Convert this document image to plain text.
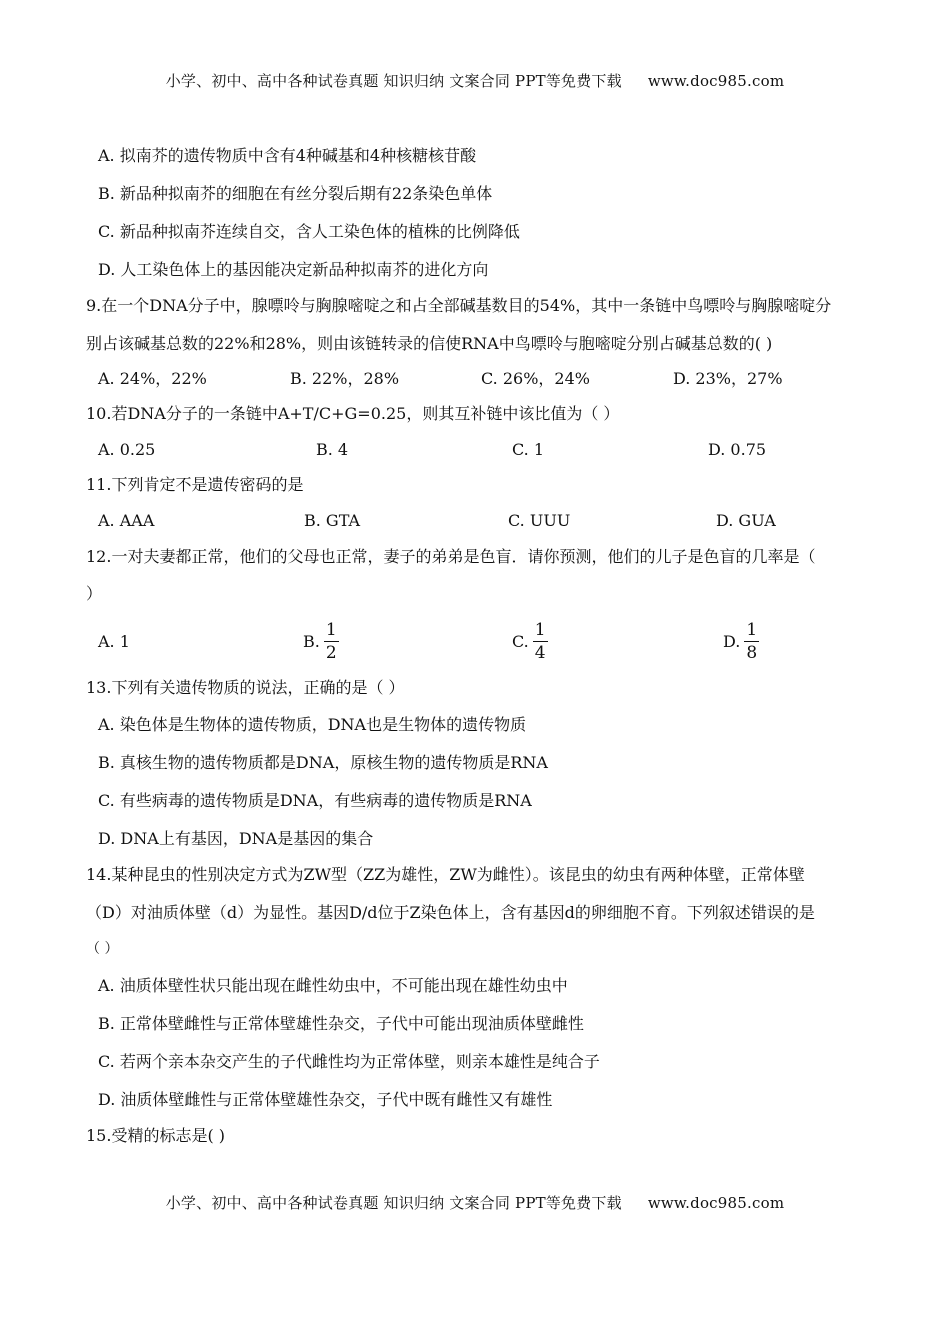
小学、初中、高中各种试卷真题 知识归纳 文案合同 PPT等免费下载 www.doc985.com
A. 拟南芥的遗传物质中含有4种碱基和4种核糖核苷酸
B. 新品种拟南芥的细胞在有丝分裂后期有22条染色单体
C. 新品种拟南芥连续自交，含人工染色体的植株的比例降低
D. 人工染色体上的基因能决定新品种拟南芥的进化方向
9.在一个DNA分子中，腺嘌呤与胸腺嘧啶之和占全部碱基数目的54%，其中一条链中鸟嘌呤与胸腺嘧啶分
别占该碱基总数的22%和28%，则由该链转录的信使RNA中鸟嘌呤与胞嘧啶分别占碱基总数的( )
A. 24%，22%	B. 22%，28%	C. 26%，24%	D. 23%，27%
10.若DNA分子的一条链中A+T/C+G=0.25，则其互补链中该比值为（ ）
A. 0.25	B. 4	C. 1	D. 0.75
11.下列肯定不是遗传密码的是
A. AAA	B. GTA	C. UUU	D. GUA
12.一对夫妻都正常，他们的父母也正常，妻子的弟弟是色盲．请你预测，他们的儿子是色盲的几率是（
）
A. 1	B. $\frac{1}{2}$	C. $\frac{1}{4}$	D. $\frac{1}{8}$
13.下列有关遗传物质的说法，正确的是（ ）
A. 染色体是生物体的遗传物质，DNA也是生物体的遗传物质
B. 真核生物的遗传物质都是DNA，原核生物的遗传物质是RNA
C. 有些病毒的遗传物质是DNA，有些病毒的遗传物质是RNA
D. DNA上有基因，DNA是基因的集合
14.某种昆虫的性别决定方式为ZW型（ZZ为雄性，ZW为雌性）。该昆虫的幼虫有两种体壁，正常体壁
（D）对油质体壁（d）为显性。基因D/d位于Z染色体上，含有基因d的卵细胞不育。下列叙述错误的是
（ ）
A. 油质体壁性状只能出现在雌性幼虫中，不可能出现在雄性幼虫中
B. 正常体壁雌性与正常体壁雄性杂交，子代中可能出现油质体壁雌性
C. 若两个亲本杂交产生的子代雌性均为正常体壁，则亲本雄性是纯合子
D. 油质体壁雌性与正常体壁雄性杂交，子代中既有雌性又有雄性
15.受精的标志是( )
小学、初中、高中各种试卷真题 知识归纳 文案合同 PPT等免费下载 www.doc985.com
